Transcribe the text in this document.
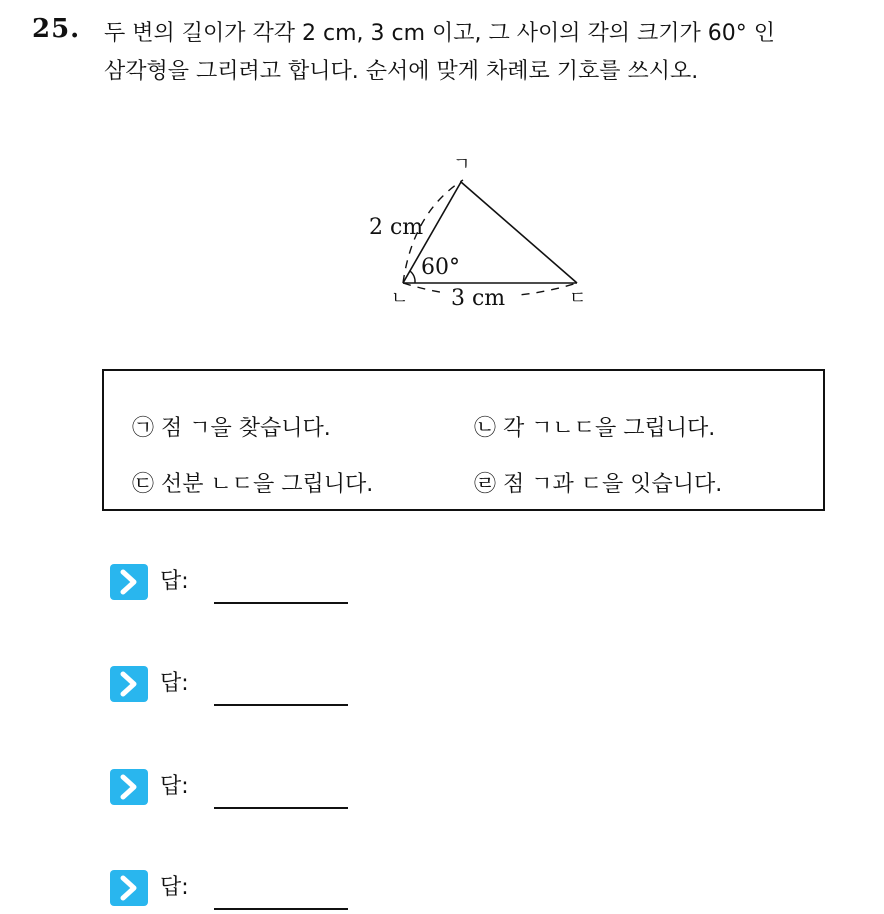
25. 두 변의 길이가 각각 2 cm, 3 cm 이고, 그 사이의 각의 크기가 60° 인
삼각형을 그리려고 합니다. 순서에 맞게 차례로 기호를 쓰시오.
ㄱ
ㄴ	ㄷ
2 cm
60°
3 cm
㉠ 점 ㄱ을 찾습니다.	㉡ 각 ㄱㄴㄷ을 그립니다.
㉢ 선분 ㄴㄷ을 그립니다.	㉣ 점 ㄱ과 ㄷ을 잇습니다.
답:
답:
답:
답:
